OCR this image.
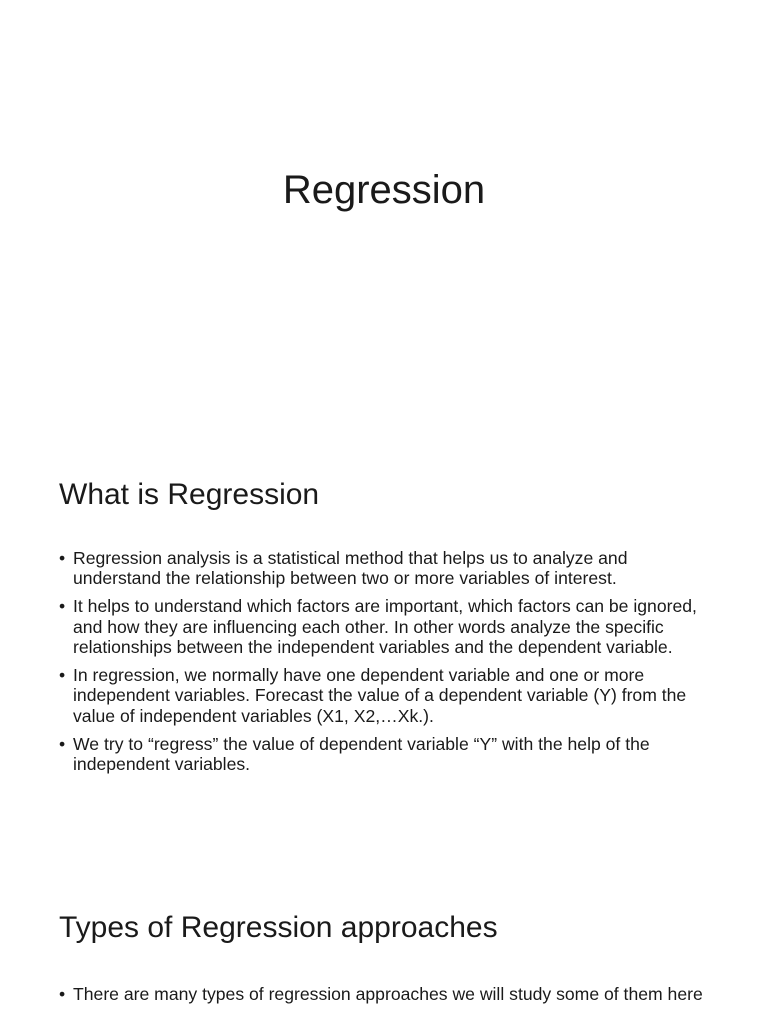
Regression
What is Regression
• Regression analysis is a statistical method that helps us to analyze and understand the relationship between two or more variables of interest.
• It helps to understand which factors are important, which factors can be ignored, and how they are influencing each other. In other words analyze the specific relationships between the independent variables and the dependent variable.
• In regression, we normally have one dependent variable and one or more independent variables. Forecast the value of a dependent variable (Y) from the value of independent variables (X1, X2,…Xk.).
• We try to “regress” the value of dependent variable “Y” with the help of the independent variables.
Types of Regression approaches
• There are many types of regression approaches we will study some of them here
